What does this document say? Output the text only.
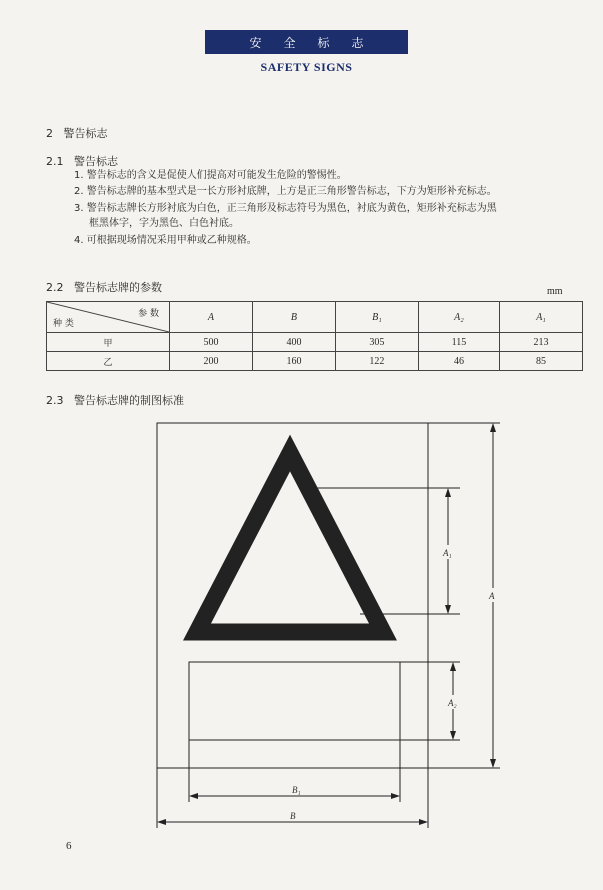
安全标志
SAFETY SIGNS
2 警告标志
2.1 警告标志
1. 警告标志的含义是促使人们提高对可能发生危险的警惕性。
2. 警告标志牌的基本型式是一长方形衬底牌，上方是正三角形警告标志，下方为矩形补充标志。
3. 警告标志牌长方形衬底为白色，正三角形及标志符号为黑色，衬底为黄色，矩形补充标志为黑
框黑体字，字为黑色、白色衬底。
4. 可根据现场情况采用甲种或乙种规格。
2.2 警告标志牌的参数	mm
参 数
种 类	A	B	B₁	A₂	A₁
甲	500	400	305	115	213
乙	200	160	122	46	85
2.3 警告标志牌的制图标准
A
A₁
A₂
B₁
B
6
